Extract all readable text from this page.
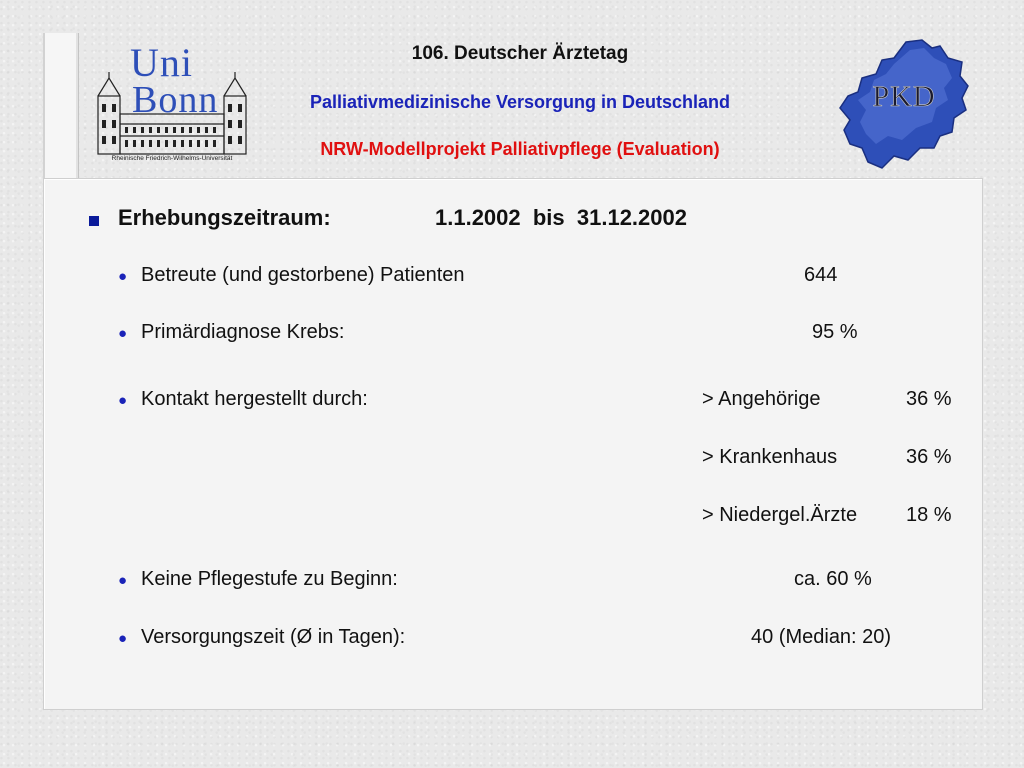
Uni
Bonn
Rheinische Friedrich-Wilhelms-Universität
PKD
106. Deutscher Ärztetag
Palliativmedizinische Versorgung in Deutschland
NRW-Modellprojekt Palliativpflege (Evaluation)
Erhebungszeitraum:	1.1.2002  bis  31.12.2002
● Betreute (und gestorbene) Patienten	644
● Primärdiagnose Krebs:	95 %
● Kontakt hergestellt durch:	> Angehörige	36 %
> Krankenhaus	36 %
> Niedergel.Ärzte 18 %
● Keine Pflegestufe zu Beginn:	ca. 60 %
● Versorgungszeit (Ø in Tagen):	40 (Median: 20)
